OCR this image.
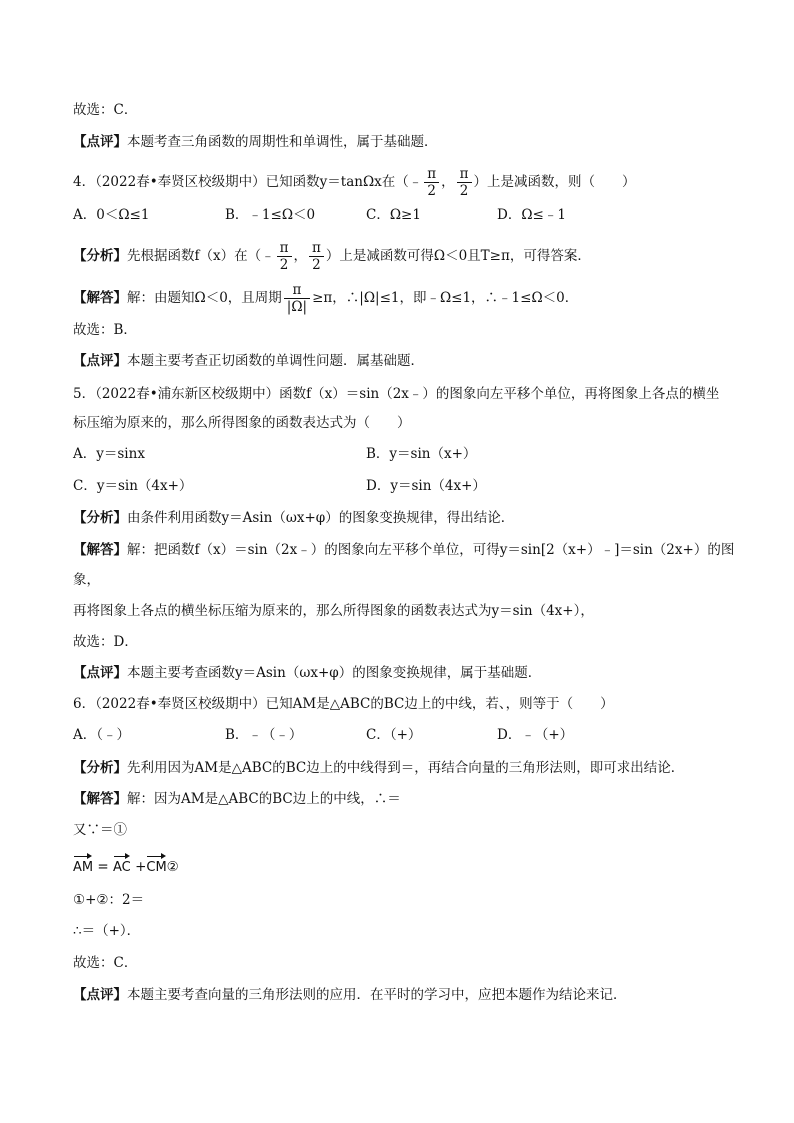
故选：C．
【点评】本题考查三角函数的周期性和单调性，属于基础题．
4．（2022春•奉贤区校级期中）已知函数y＝tanΩx在（﹣ $\frac{\pi}{2}$ ， $\frac{\pi}{2}$ ）上是减函数，则（　　）
A．0＜Ω≤1	B．﹣1≤Ω＜0	C．Ω≥1	D．Ω≤﹣1
【分析】先根据函数f（x）在（﹣ $\frac{\pi}{2}$ ， $\frac{\pi}{2}$ ）上是减函数可得Ω＜0且T≥π，可得答案．
【解答】解：由题知Ω＜0，且周期 $\frac{\pi}{|\Omega|} \ge\pi$，∴|Ω|≤1，即﹣Ω≤1，∴﹣1≤Ω＜0．
故选：B．
【点评】本题主要考查正切函数的单调性问题．属基础题．
5．（2022春•浦东新区校级期中）函数f（x）＝sin（2x﹣）的图象向左平移个单位，再将图象上各点的横坐
标压缩为原来的，那么所得图象的函数表达式为（　　）
A．y＝sinx	B．y＝sin（x+）
C．y＝sin（4x+）	D．y＝sin（4x+）
【分析】由条件利用函数y＝Asin（ωx+φ）的图象变换规律，得出结论．
【解答】解：把函数f（x）＝sin（2x﹣）的图象向左平移个单位，可得y＝sin[2（x+）﹣]＝sin（2x+）的图
象，
再将图象上各点的横坐标压缩为原来的，那么所得图象的函数表达式为y＝sin（4x+），
故选：D．
【点评】本题主要考查函数y＝Asin（ωx+φ）的图象变换规律，属于基础题．
6．（2022春•奉贤区校级期中）已知AM是△ABC的BC边上的中线，若、，则等于（　　）
A．（﹣）	B．﹣（﹣）	C．（+）	D．﹣（+）
【分析】先利用因为AM是△ABC的BC边上的中线得到＝，再结合向量的三角形法则，即可求出结论．
【解答】解：因为AM是△ABC的BC边上的中线，∴＝
又∵＝①
AM = AC +CM②
①+②：2＝
∴＝（+）．
故选：C．
【点评】本题主要考查向量的三角形法则的应用．在平时的学习中，应把本题作为结论来记．
